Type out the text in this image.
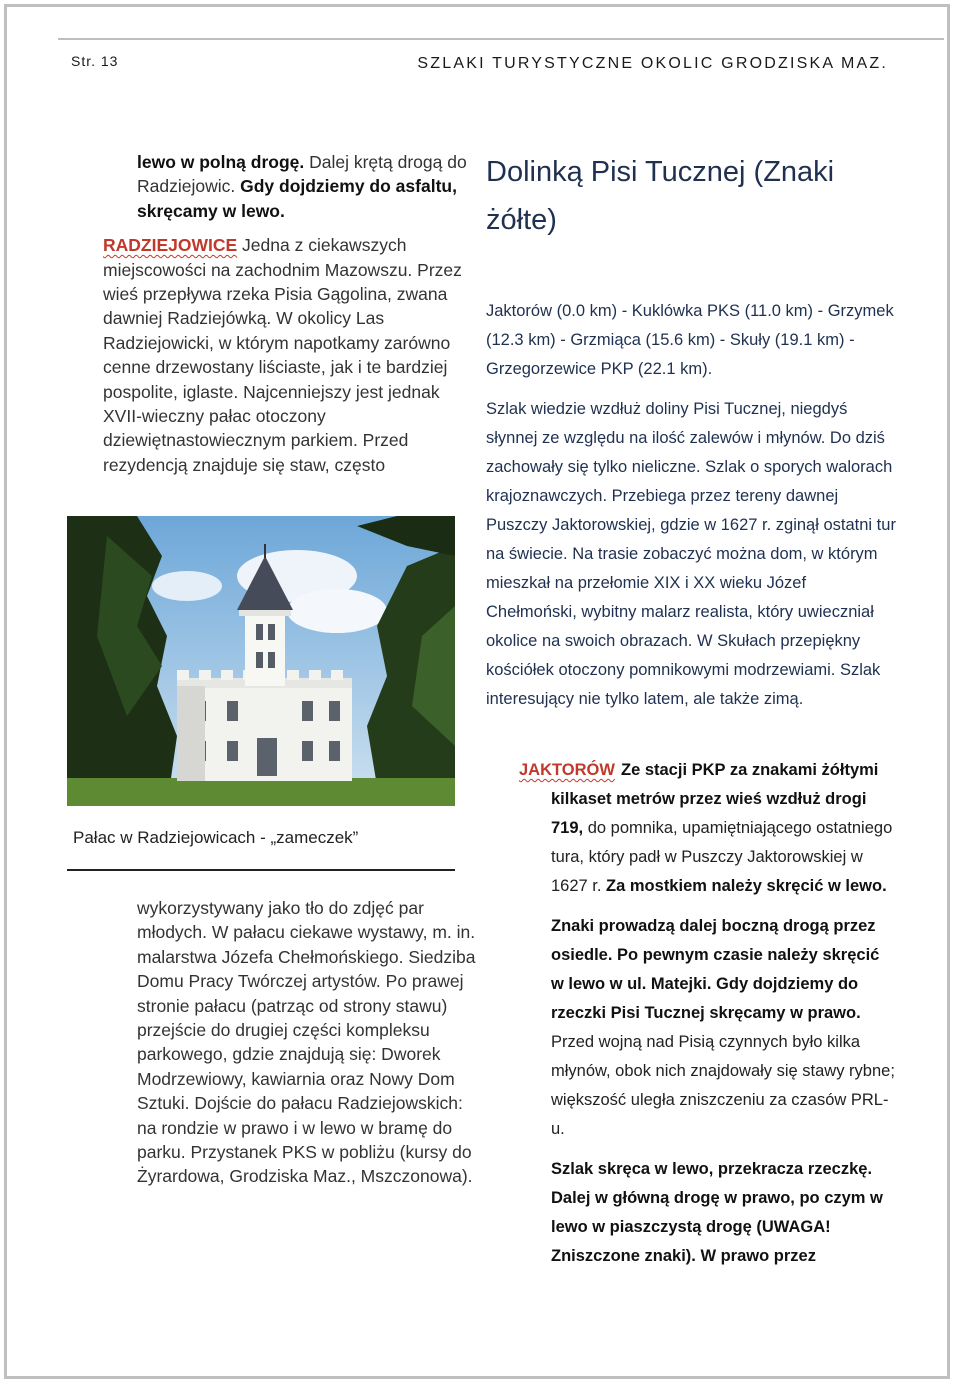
Str. 13	SZLAKI TURYSTYCZNE OKOLIC GRODZISKA MAZ.

lewo w polną drogę. Dalej krętą drogą do Radziejowic. Gdy dojdziemy do asfaltu, skręcamy w lewo.

RADZIEJOWICE Jedna z ciekawszych miejscowości na zachodnim Mazowszu. Przez wieś przepływa rzeka Pisia Gągolina, zwana dawniej Radziejówką. W okolicy Las Radziejowicki, w którym napotkamy zarówno cenne drzewostany liściaste, jak i te bardziej pospolite, iglaste. Najcenniejszy jest jednak XVII-wieczny pałac otoczony dziewiętnastowiecznym parkiem. Przed rezydencją znajduje się staw, często

Pałac w Radziejowicach - „zameczek”

wykorzystywany jako tło do zdjęć par młodych. W pałacu ciekawe wystawy, m. in. malarstwa Józefa Chełmońskiego. Siedziba Domu Pracy Twórczej artystów. Po prawej stronie pałacu (patrząc od strony stawu) przejście do drugiej części kompleksu parkowego, gdzie znajdują się: Dworek Modrzewiowy, kawiarnia oraz Nowy Dom Sztuki. Dojście do pałacu Radziejowskich: na rondzie w prawo i w lewo w bramę do parku. Przystanek PKS w pobliżu (kursy do Żyrardowa, Grodziska Maz., Mszczonowa).

Dolinką Pisi Tucznej (Znaki żółte)

Jaktorów (0.0 km) - Kuklówka PKS (11.0 km) - Grzymek (12.3 km) - Grzmiąca (15.6 km) - Skuły (19.1 km) - Grzegorzewice PKP (22.1 km).

Szlak wiedzie wzdłuż doliny Pisi Tucznej, niegdyś słynnej ze względu na ilość zalewów i młynów. Do dziś zachowały się tylko nieliczne. Szlak o sporych walorach krajoznawczych. Przebiega przez tereny dawnej Puszczy Jaktorowskiej, gdzie w 1627 r. zginął ostatni tur na świecie. Na trasie zobaczyć można dom, w którym mieszkał na przełomie XIX i XX wieku Józef Chełmoński, wybitny malarz realista, który uwieczniał okolice na swoich obrazach. W Skułach przepiękny kościółek otoczony pomnikowymi modrzewiami. Szlak interesujący nie tylko latem, ale także zimą.

JAKTORÓW Ze stacji PKP za znakami żółtymi kilkaset metrów przez wieś wzdłuż drogi 719, do pomnika, upamiętniającego ostatniego tura, który padł w Puszczy Jaktorowskiej w 1627 r. Za mostkiem należy skręcić w lewo.

Znaki prowadzą dalej boczną drogą przez osiedle. Po pewnym czasie należy skręcić w lewo w ul. Matejki. Gdy dojdziemy do rzeczki Pisi Tucznej skręcamy w prawo. Przed wojną nad Pisią czynnych było kilka młynów, obok nich znajdowały się stawy rybne; większość uległa zniszczeniu za czasów PRL-u.

Szlak skręca w lewo, przekracza rzeczkę. Dalej w główną drogę w prawo, po czym w lewo w piaszczystą drogę (UWAGA! Zniszczone znaki). W prawo przez
